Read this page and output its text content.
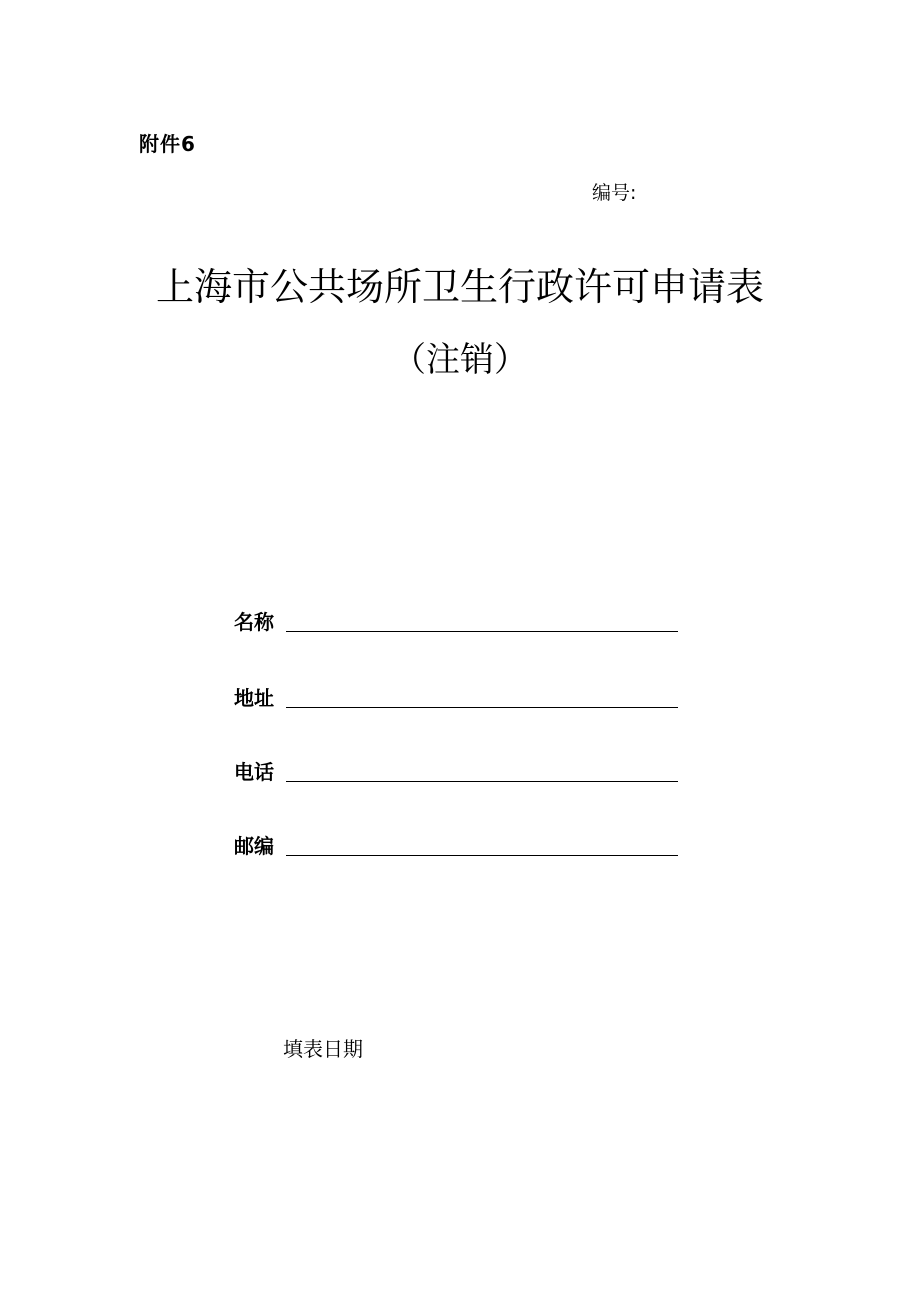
附件6
编号:
上海市公共场所卫生行政许可申请表
（注销）
名称
地址
电话
邮编
填表日期
